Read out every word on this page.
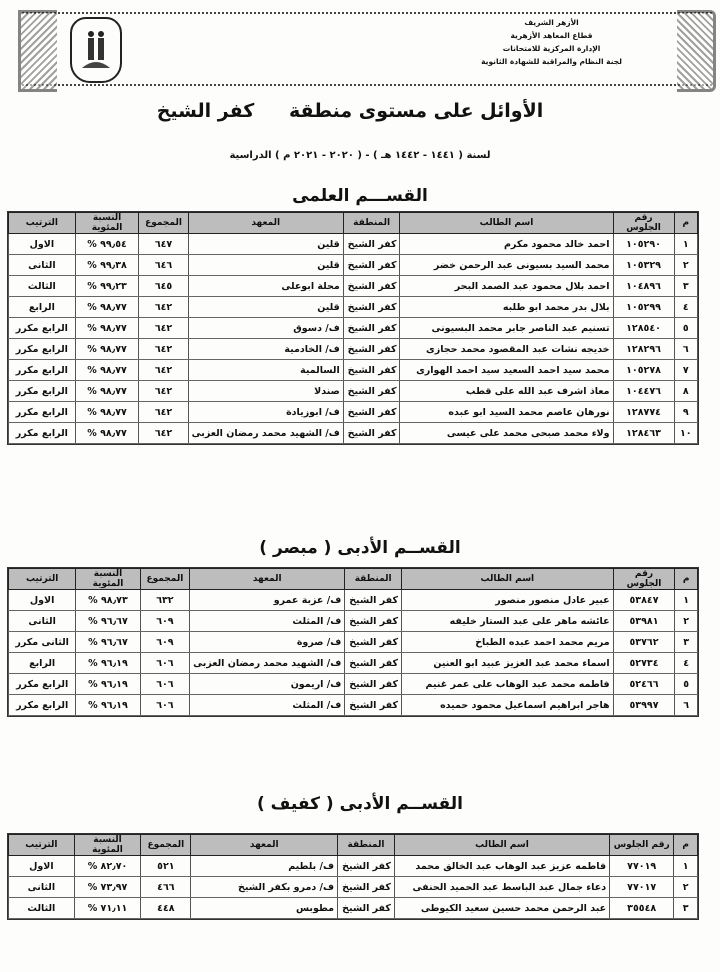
الأزهر الشريف
قطاع المعاهد الأزهرية
الإدارة المركزية للامتحانات
لجنة النظام والمراقبة للشهادة الثانوية
الأوائل على مستوى منطقة كفر الشيخ
لسنة ( ١٤٤١ - ١٤٤٢ هـ ) - ( ٢٠٢٠ - ٢٠٢١ م ) الدراسية
القســـم العلمى
م	رقم الجلوس	اسم الطالب	المنطقة	المعهد	المجموع	النسبة المئوية	الترتيب
١	١٠٥٢٩٠	احمد خالد محمود مكرم	كفر الشيخ	قلين	٦٤٧	٩٩٫٥٤ %	الاول
٢	١٠٥٣٢٩	محمد السيد بسيونى عبد الرحمن خضر	كفر الشيخ	قلين	٦٤٦	٩٩٫٣٨ %	الثانى
٣	١٠٤٨٩٦	احمد بلال محمود عبد الصمد البحر	كفر الشيخ	محلة ابوعلى	٦٤٥	٩٩٫٢٣ %	الثالث
٤	١٠٥٢٩٩	بلال بدر محمد ابو طلبه	كفر الشيخ	قلين	٦٤٢	٩٨٫٧٧ %	الرابع
٥	١٢٨٥٤٠	تسنيم عبد الناصر جابر محمد البسيونى	كفر الشيخ	ف/ دسوق	٦٤٢	٩٨٫٧٧ %	الرابع مكرر
٦	١٢٨٢٩٦	خديجه نشات عبد المقصود محمد حجازى	كفر الشيخ	ف/ الخادمية	٦٤٢	٩٨٫٧٧ %	الرابع مكرر
٧	١٠٥٢٧٨	محمد سيد احمد السعيد سيد احمد الهوارى	كفر الشيخ	السالمية	٦٤٢	٩٨٫٧٧ %	الرابع مكرر
٨	١٠٤٤٧٦	معاذ اشرف عبد الله على قطب	كفر الشيخ	صندلا	٦٤٢	٩٨٫٧٧ %	الرابع مكرر
٩	١٢٨٧٧٤	نورهان عاصم محمد السيد ابو عبده	كفر الشيخ	ف/ ابوزيادة	٦٤٢	٩٨٫٧٧ %	الرابع مكرر
١٠	١٢٨٤٦٣	ولاء محمد صبحى محمد على عيسى	كفر الشيخ	ف/ الشهيد محمد رمضان العزبى	٦٤٢	٩٨٫٧٧ %	الرابع مكرر
القســم الأدبى ( مبصر )
م	رقم الجلوس	اسم الطالب	المنطقة	المعهد	المجموع	النسبة المئوية	الترتيب
١	٥٣٨٤٧	عبير عادل منصور منصور	كفر الشيخ	ف/ عزبة عمرو	٦٣٢	٩٨٫٧٣ %	الاول
٢	٥٣٩٨١	عائشه ماهر على عبد الستار خليفه	كفر الشيخ	ف/ المثلث	٦٠٩	٩٦٫٦٧ %	الثانى
٣	٥٣٧٦٢	مريم محمد احمد عبده الطباخ	كفر الشيخ	ف/ صروة	٦٠٩	٩٦٫٦٧ %	الثانى مكرر
٤	٥٢٧٣٤	اسماء محمد عبد العزيز عبيد ابو العنين	كفر الشيخ	ف/ الشهيد محمد رمضان العزبى	٦٠٦	٩٦٫١٩ %	الرابع
٥	٥٢٤٦٦	فاطمه محمد عبد الوهاب على عمر غنيم	كفر الشيخ	ف/ اريمون	٦٠٦	٩٦٫١٩ %	الرابع مكرر
٦	٥٣٩٩٧	هاجر ابراهيم اسماعيل محمود حميده	كفر الشيخ	ف/ المثلث	٦٠٦	٩٦٫١٩ %	الرابع مكرر
القســم الأدبى ( كفيف )
م	رقم الجلوس	اسم الطالب	المنطقة	المعهد	المجموع	النسبة المئوية	الترتيب
١	٧٧٠١٩	فاطمه عزيز عبد الوهاب عبد الخالق محمد	كفر الشيخ	ف/ بلطيم	٥٢١	٨٢٫٧٠ %	الاول
٢	٧٧٠١٧	دعاء جمال عبد الباسط عبد الحميد الحنفى	كفر الشيخ	ف/ دمرو بكفر الشيخ	٤٦٦	٧٣٫٩٧ %	الثانى
٣	٣٥٥٤٨	عبد الرحمن محمد حسين سعيد الكيوطى	كفر الشيخ	مطوبس	٤٤٨	٧١٫١١ %	الثالث
